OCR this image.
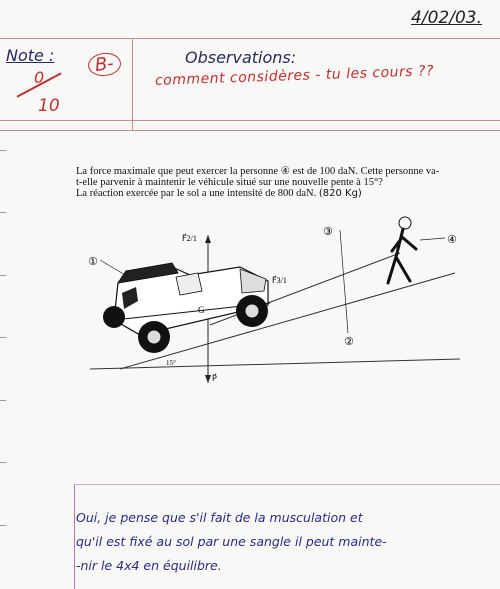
4/02/03.
Note :	B-
0
10
Observations:
comment considères - tu les cours ??

La force maximale que peut exercer la personne ④ est de 100 daN. Cette personne va-

t-elle parvenir à maintenir le véhicule situé sur une nouvelle pente à 15°?

La réaction exercée par le sol a une intensité de 800 daN. (820 Kg)

①
②
③
④
F⃗2/1
F⃗3/1
G
P⃗
15°
Oui, je pense que s'il fait de la musculation et
qu'il est fixé au sol par une sangle il peut mainte-
-nir le 4x4 en équilibre.
